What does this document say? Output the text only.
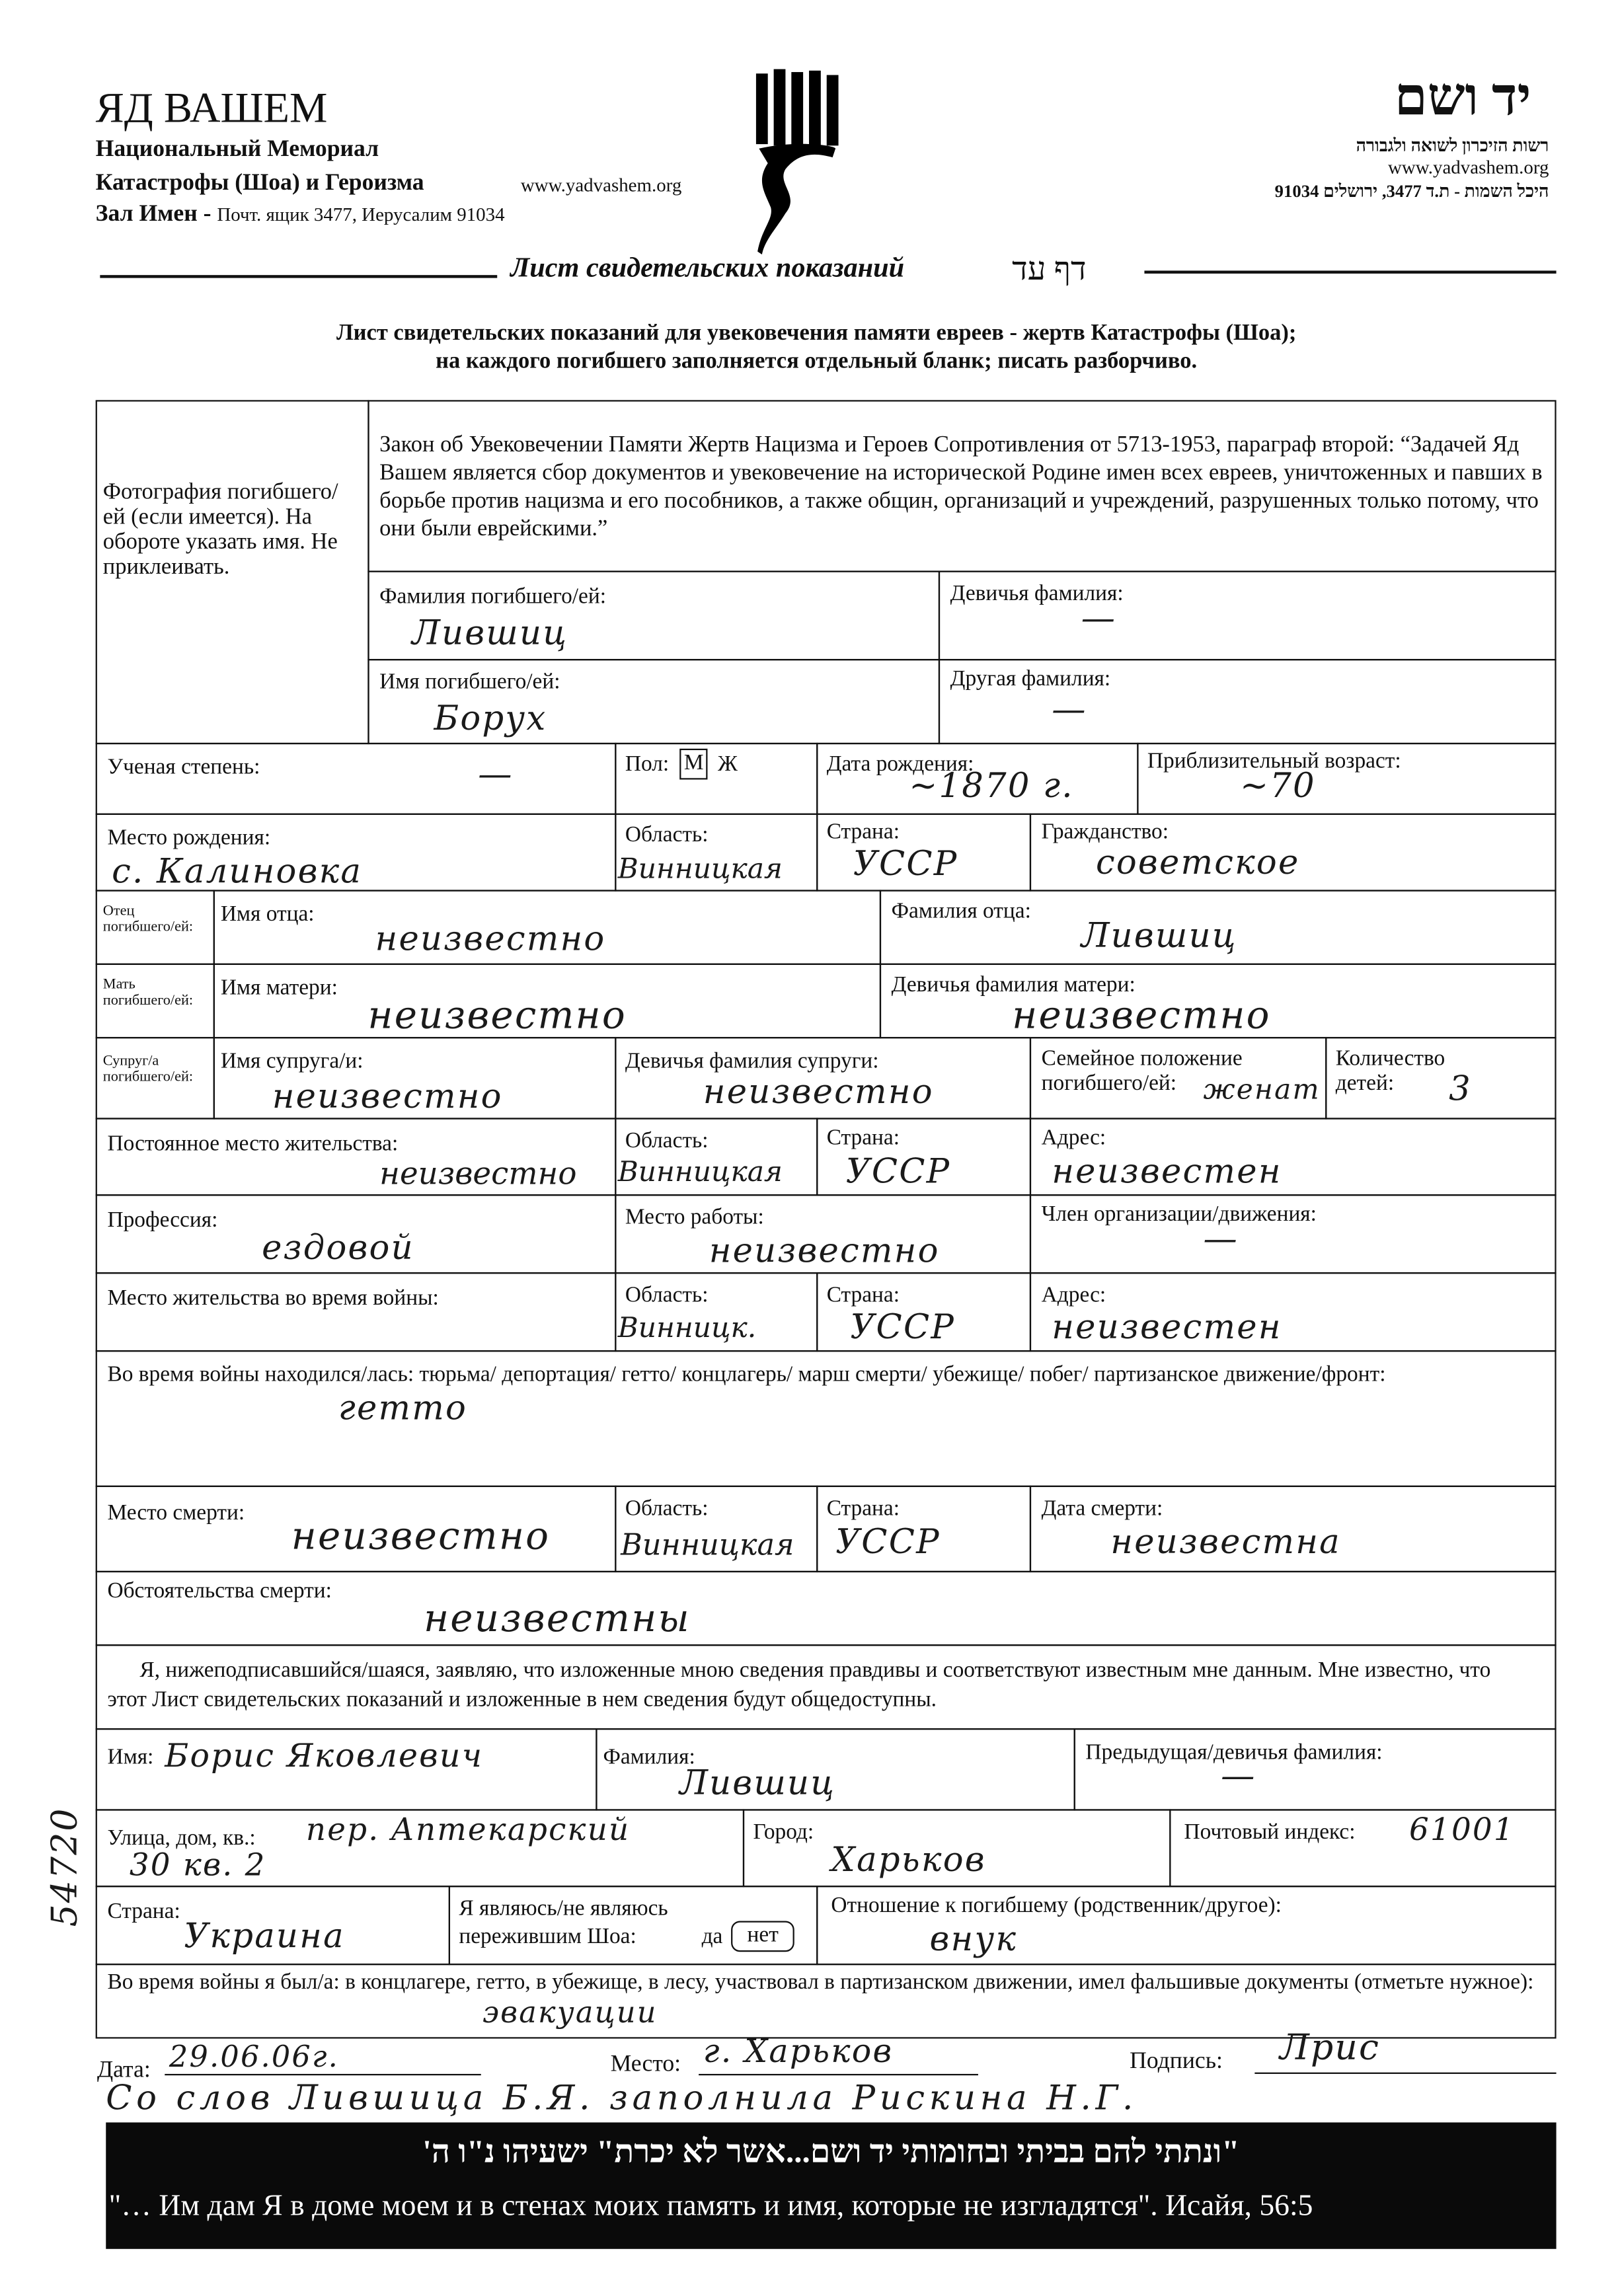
ЯД ВАШЕМ
Национальный Мемориал
Катастрофы (Шоа) и Героизма	www.yadvashem.org
Зал Имен - Почт. ящик 3477, Иерусалим 91034
יד ושם
רשות הזיכרון לשואה ולגבורה
www.yadvashem.org
היכל השמות - ת.ד 3477, ירושלים 91034
Лист свидетельских показаний	דף עד
Лист свидетельских показаний для увековечения памяти евреев - жертв Катастрофы (Шоа);
на каждого погибшего заполняется отдельный бланк; писать разборчиво.
Фотография погибшего/ей (если имеется). На обороте указать имя. Не приклеивать.
Закон об Увековечении Памяти Жертв Нацизма и Героев Сопротивления от 5713-1953, параграф второй: “Задачей Яд Вашем является сбор документов и увековечение на исторической Родине имен всех евреев, уничтоженных и павших в борьбе против нацизма и его пособников, а также общин, организаций и учреждений, разрушенных только потому, что они были еврейскими.”
Фамилия погибшего/ей:
Лившиц
Девичья фамилия:
—
Имя погибшего/ей:
Борух
Другая фамилия:
—
Ученая степень:	—	Пол:	М	Ж	Дата рождения:
~1870 г.
Приблизительный возраст:
~70
Место рождения:
с. Калиновка
Область:
Винницкая
Страна:
УССР
Гражданство:
советское
Отец погибшего/ей:
Имя отца:
неизвестно
Фамилия отца:
Лившиц
Мать погибшего/ей:
Имя матери:
неизвестно
Девичья фамилия матери:
неизвестно
Супруг/а погибшего/ей:
Имя супруга/и:
неизвестно
Девичья фамилия супруги:
неизвестно
Семейное положение погибшего/ей:	женат
Количество детей:	3
Постоянное место жительства:
неизвестно
Область:
Винницкая
Страна:
УССР
Адрес:
неизвестен
Профессия:
ездовой
Место работы:
неизвестно
Член организации/движения:
—
Место жительства во время войны:	Область:
Винницк.
Страна:
УССР
Адрес:
неизвестен
Во время войны находился/лась: тюрьма/ депортация/ гетто/ концлагерь/ марш смерти/ убежище/ побег/ партизанское движение/фронт:
гетто
Место смерти:
неизвестно
Область:
Винницкая
Страна:
УССР
Дата смерти:
неизвестна
Обстоятельства смерти:
неизвестны
Я, нижеподписавшийся/шаяся, заявляю, что изложенные мною сведения правдивы и соответствуют известным мне данным. Мне известно, что этот Лист свидетельских показаний и изложенные в нем сведения будут общедоступны.
Имя: Борис Яковлевич	Фамилия:
Лившиц
Предыдущая/девичья фамилия:
—
Улица, дом, кв.:	пер. Аптекарский
30 кв. 2
Город:
Харьков
Почтовый индекс:	61001
Страна:
Украина
Я являюсь/не являюсь
пережившим Шоа:	да	нет
Отношение к погибшему (родственник/другое):
внук
Во время войны я был/а: в концлагере, гетто, в убежище, в лесу, участвовал в партизанском движении, имел фальшивые документы (отметьте нужное):
эвакуации
Дата: 29.06.06г.	Место: г. Харьков	Подпись:	Лрис
Со слов Лившица Б.Я. заполнила Рискина Н.Г.
54720
"ונתתי להם בביתי ובחומותי יד ושם...אשר לא יכרת" ישעיהו נ"ו ה'
"… Им дам Я в доме моем и в стенах моих память и имя, которые не изгладятся". Исайя, 56:5
